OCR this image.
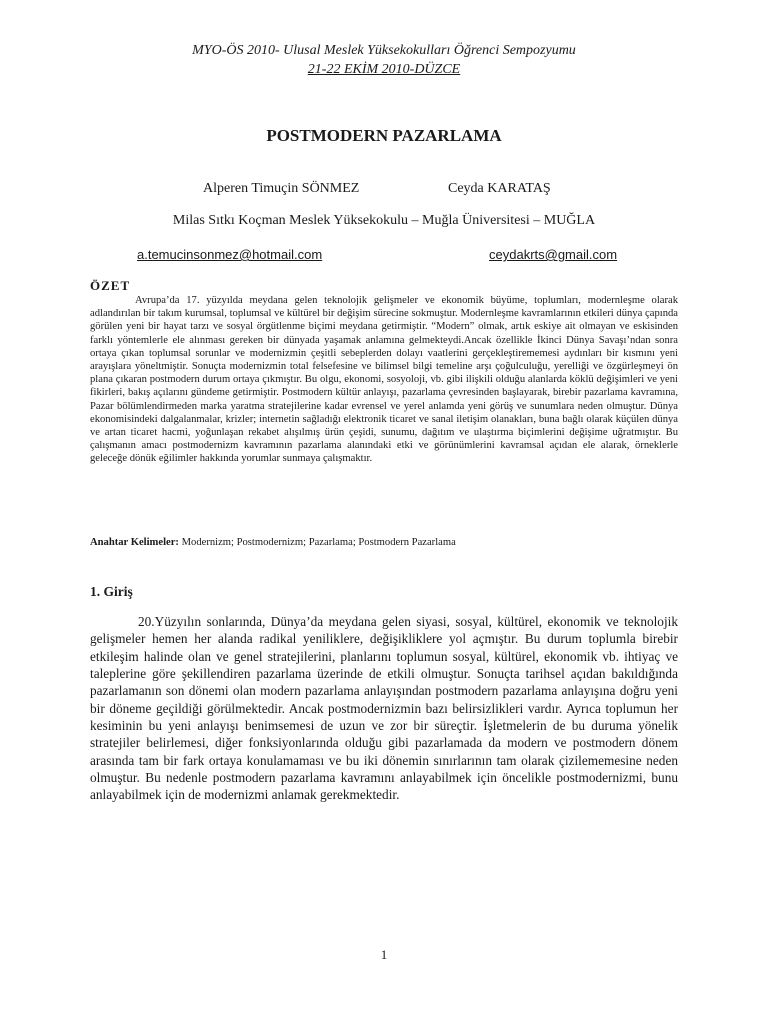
MYO-ÖS 2010- Ulusal Meslek Yüksekokulları Öğrenci Sempozyumu
21-22 EKİM 2010-DÜZCE
POSTMODERN PAZARLAMA
Alperen Timuçin SÖNMEZ	Ceyda KARATAŞ
Milas Sıtkı Koçman Meslek Yüksekokulu – Muğla Üniversitesi – MUĞLA
a.temucinsonmez@hotmail.com	ceydakrts@gmail.com
ÖZET

Avrupa’da 17. yüzyılda meydana gelen teknolojik gelişmeler ve ekonomik büyüme, toplumları, modernleşme olarak adlandırılan bir takım kurumsal, toplumsal ve kültürel bir değişim sürecine sokmuştur. Modernleşme kavramlarının etkileri dünya çapında görülen yeni bir hayat tarzı ve sosyal örgütlenme biçimi meydana getirmiştir. “Modern” olmak, artık eskiye ait olmayan ve eskisinden farklı yöntemlerle ele alınması gereken bir dünyada yaşamak anlamına gelmekteydi.Ancak özellikle İkinci Dünya Savaşı’ndan sonra ortaya çıkan toplumsal sorunlar ve modernizmin çeşitli sebeplerden dolayı vaatlerini gerçekleştirememesi aydınları bir kısmını yeni arayışlara yöneltmiştir. Sonuçta modernizmin total felsefesine ve bilimsel bilgi temeline arşı çoğulculuğu, yerelliği ve özgürleşmeyi ön plana çıkaran postmodern durum ortaya çıkmıştır. Bu olgu, ekonomi, sosyoloji, vb. gibi ilişkili olduğu alanlarda köklü değişimleri ve yeni fikirleri, bakış açılarını gündeme getirmiştir. Postmodern kültür anlayışı, pazarlama çevresinden başlayarak, birebir pazarlama kavramına, Pazar bölümlendirmeden marka yaratma stratejilerine kadar evrensel ve yerel anlamda yeni görüş ve sunumlara neden olmuştur. Dünya ekonomisindeki dalgalanmalar, krizler; internetin sağladığı elektronik ticaret ve sanal iletişim olanakları, buna bağlı olarak küçülen dünya ve artan ticaret hacmi, yoğunlaşan rekabet alışılmış ürün çeşidi, sunumu, dağıtım ve ulaştırma biçimlerini değişime uğratmıştır. Bu çalışmanın amacı postmodernizm kavramının pazarlama alanındaki etki ve görünümlerini kavramsal açıdan ele alarak, örneklerle geleceğe dönük eğilimler hakkında yorumlar sunmaya çalışmaktır.

Anahtar Kelimeler: Modernizm; Postmodernizm; Pazarlama; Postmodern Pazarlama
1. Giriş

20.Yüzyılın sonlarında, Dünya’da meydana gelen siyasi, sosyal, kültürel, ekonomik ve teknolojik gelişmeler hemen her alanda radikal yeniliklere, değişikliklere yol açmıştır. Bu durum toplumla birebir etkileşim halinde olan ve genel stratejilerini, planlarını toplumun sosyal, kültürel, ekonomik vb. ihtiyaç ve taleplerine göre şekillendiren pazarlama üzerinde de etkili olmuştur. Sonuçta tarihsel açıdan bakıldığında pazarlamanın son dönemi olan modern pazarlama anlayışından postmodern pazarlama anlayışına doğru yeni bir döneme geçildiği görülmektedir. Ancak postmodernizmin bazı belirsizlikleri vardır. Ayrıca toplumun her kesiminin bu yeni anlayışı benimsemesi de uzun ve zor bir süreçtir. İşletmelerin de bu duruma yönelik stratejiler belirlemesi, diğer fonksiyonlarında olduğu gibi pazarlamada da modern ve postmodern dönem arasında tam bir fark ortaya konulamaması ve bu iki dönemin sınırlarının tam olarak çizilememesine neden olmuştur. Bu nedenle postmodern pazarlama kavramını anlayabilmek için öncelikle postmodernizmi, bunu anlayabilmek için de modernizmi anlamak gerekmektedir.

1
